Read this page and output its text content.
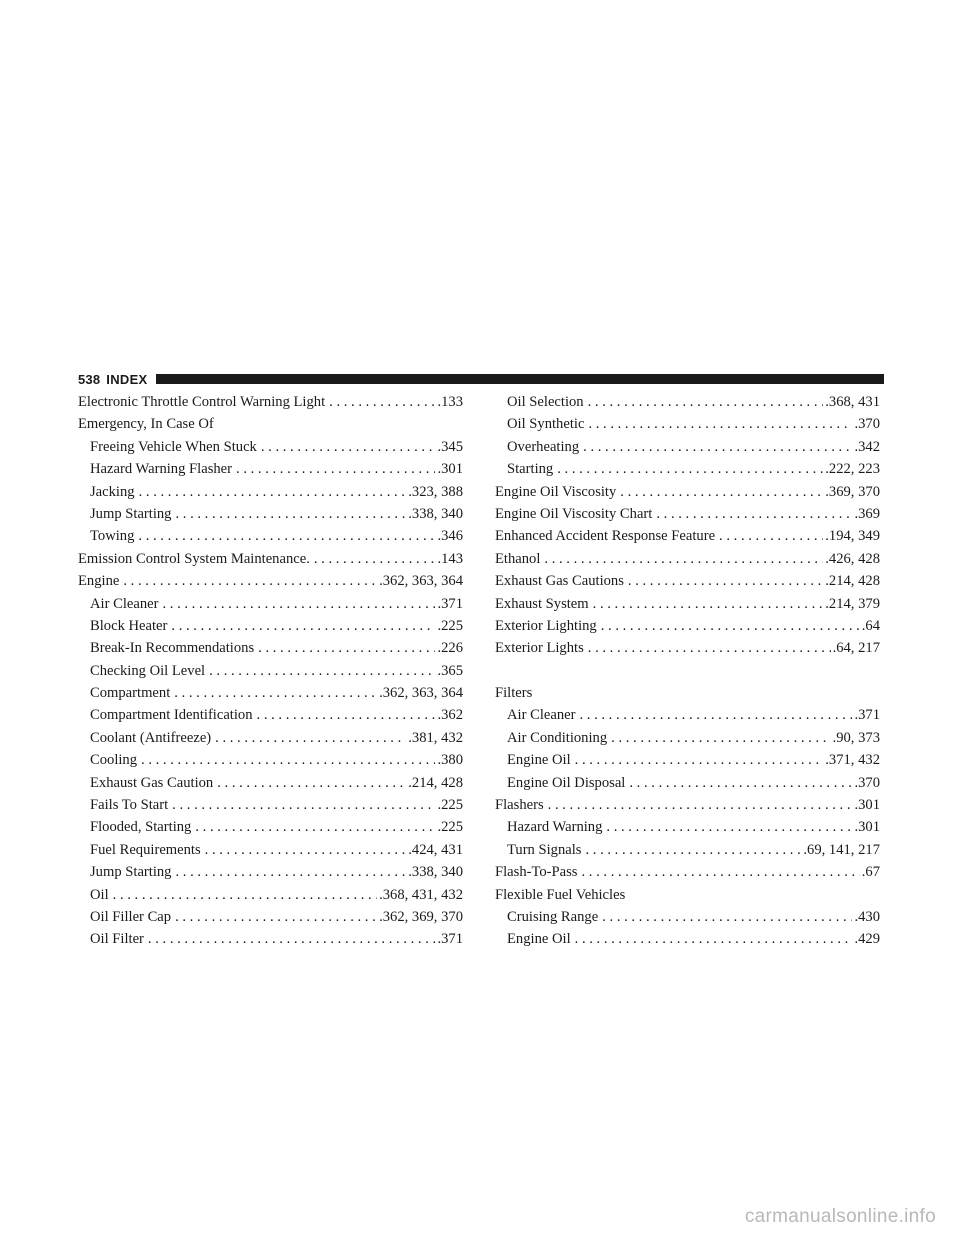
538 INDEX
Electronic Throttle Control Warning Light . . .	.133
Emergency, In Case Of
Freeing Vehicle When Stuck . . .	.345
Hazard Warning Flasher . . .	.301
Jacking . . .	.323, 388
Jump Starting . . .	.338, 340
Towing . . .	.346
Emission Control System Maintenance. . . .	.143
Engine . . .	.362, 363, 364
Air Cleaner . . .	.371
Block Heater . . .	.225
Break-In Recommendations . . .	.226
Checking Oil Level . . .	.365
Compartment . . .	.362, 363, 364
Compartment Identification . . .	.362
Coolant (Antifreeze) . . .	.381, 432
Cooling . . .	.380
Exhaust Gas Caution . . .	.214, 428
Fails To Start . . .	.225
Flooded, Starting . . .	.225
Fuel Requirements . . .	.424, 431
Jump Starting . . .	.338, 340
Oil . . .	.368, 431, 432
Oil Filler Cap . . .	.362, 369, 370
Oil Filter . . .	.371
Oil Selection . . .	.368, 431
Oil Synthetic . . .	.370
Overheating . . .	.342
Starting . . .	.222, 223
Engine Oil Viscosity . . .	.369, 370
Engine Oil Viscosity Chart . . .	.369
Enhanced Accident Response Feature . . .	.194, 349
Ethanol . . .	.426, 428
Exhaust Gas Cautions . . .	.214, 428
Exhaust System . . .	.214, 379
Exterior Lighting . . .	.64
Exterior Lights . . .	.64, 217
Filters
Air Cleaner . . .	.371
Air Conditioning . . .	.90, 373
Engine Oil . . .	.371, 432
Engine Oil Disposal . . .	.370
Flashers . . .	.301
Hazard Warning . . .	.301
Turn Signals . . .	.69, 141, 217
Flash-To-Pass . . .	.67
Flexible Fuel Vehicles
Cruising Range . . .	.430
Engine Oil . . .	.429
carmanualsonline.info
